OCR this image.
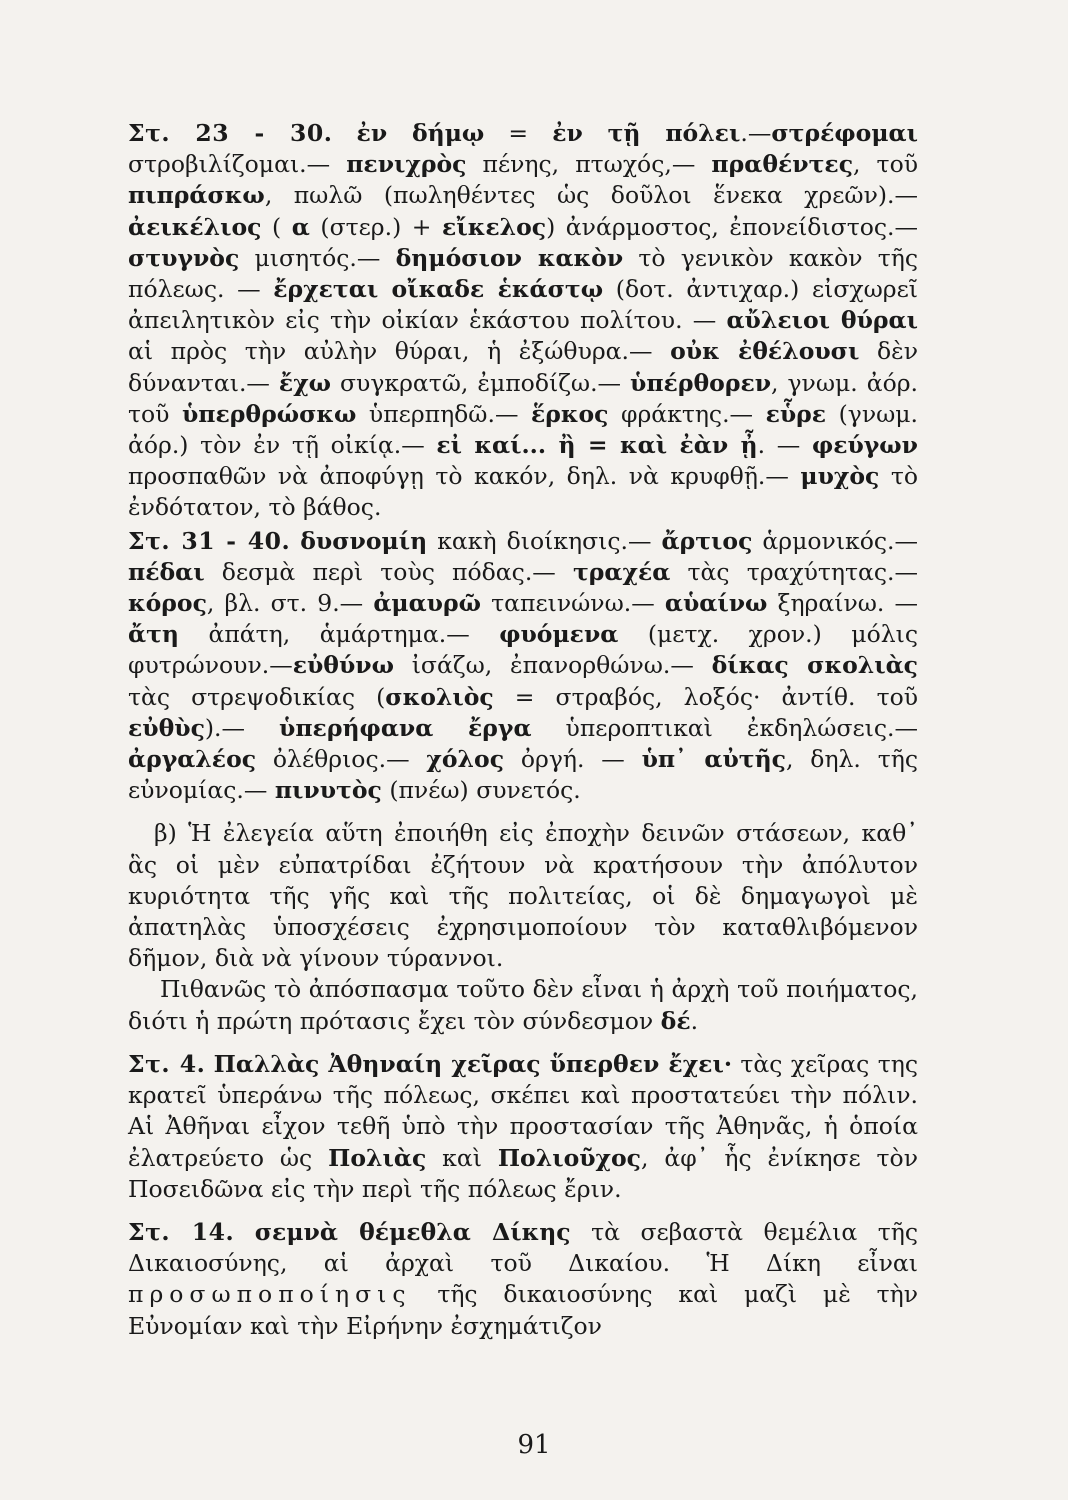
Στ. 23 - 30. ἐν δήμῳ = ἐν τῇ πόλει.—στρέφομαι στροβιλίζομαι.— πενιχρὸς πένης, πτωχός,— πραθέντες, τοῦ πιπράσκω, πωλῶ (πωληθέντες ὡς δοῦλοι ἕνεκα χρεῶν).— ἀεικέλιος ( α (στερ.) + εἴκελος) ἀνάρμοστος, ἐπονείδιστος.— στυγνὸς μισητός.— δημόσιον κακὸν τὸ γενικὸν κακὸν τῆς πόλεως. — ἔρχεται οἴκαδε ἑκάστῳ (δοτ. ἀντιχαρ.) εἰσχωρεῖ ἀπειλητικὸν εἰς τὴν οἰκίαν ἑκάστου πολίτου. — αὔλειοι θύραι αἱ πρὸς τὴν αὐλὴν θύραι, ἡ ἐξώθυρα.— οὐκ ἐθέλουσι δὲν δύνανται.— ἔχω συγκρατῶ, ἐμποδίζω.— ὑπέρθορεν, γνωμ. ἀόρ. τοῦ ὑπερθρώσκω ὑπερπηδῶ.— ἕρκος φράκτης.— εὗρε (γνωμ. ἀόρ.) τὸν ἐν τῇ οἰκίᾳ.— εἰ καί... ἢ = καὶ ἐὰν ᾖ. — φεύγων προσπαθῶν νὰ ἀποφύγῃ τὸ κακόν, δηλ. νὰ κρυφθῇ.— μυχὸς τὸ ἐνδότατον, τὸ βάθος.

Στ. 31 - 40. δυσνομίη κακὴ διοίκησις.— ἄρτιος ἁρμονικός.— πέδαι δεσμὰ περὶ τοὺς πόδας.— τραχέα τὰς τραχύτητας.— κόρος, βλ. στ. 9.— ἀμαυρῶ ταπεινώνω.— αὑαίνω ξηραίνω. — ἄτη ἀπάτη, ἁμάρτημα.— φυόμενα (μετχ. χρον.) μόλις φυτρώνουν.—εὐθύνω ἰσάζω, ἐπανορθώνω.— δίκας σκολιὰς τὰς στρεψοδικίας (σκολιὸς = στραβός, λοξός· ἀντίθ. τοῦ εὐθὺς).— ὑπερήφανα ἔργα ὑπεροπτικαὶ ἐκδηλώσεις.—ἀργαλέος ὀλέθριος.— χόλος ὀργή. — ὑπ᾽ αὐτῆς, δηλ. τῆς εὐνομίας.— πινυτὸς (πνέω) συνετός.

β) Ἡ ἐλεγεία αὕτη ἐποιήθη εἰς ἐποχὴν δεινῶν στάσεων, καθ᾽ ἃς οἱ μὲν εὐπατρίδαι ἐζήτουν νὰ κρατήσουν τὴν ἀπόλυτον κυριότητα τῆς γῆς καὶ τῆς πολιτείας, οἱ δὲ δημαγωγοὶ μὲ ἀπατηλὰς ὑποσχέσεις ἐχρησιμοποίουν τὸν καταθλιβόμενον δῆμον, διὰ νὰ γίνουν τύραννοι.

Πιθανῶς τὸ ἀπόσπασμα τοῦτο δὲν εἶναι ἡ ἀρχὴ τοῦ ποιήματος, διότι ἡ πρώτη πρότασις ἔχει τὸν σύνδεσμον δέ.

Στ. 4. Παλλὰς Ἀθηναίη χεῖρας ὕπερθεν ἔχει· τὰς χεῖρας της κρατεῖ ὑπεράνω τῆς πόλεως, σκέπει καὶ προστατεύει τὴν πόλιν. Αἱ Ἀθῆναι εἶχον τεθῆ ὑπὸ τὴν προστασίαν τῆς Ἀθηνᾶς, ἡ ὁποία ἐλατρεύετο ὡς Πολιὰς καὶ Πολιοῦχος, ἀφ᾽ ἧς ἐνίκησε τὸν Ποσειδῶνα εἰς τὴν περὶ τῆς πόλεως ἔριν.

Στ. 14. σεμνὰ θέμεθλα Δίκης τὰ σεβαστὰ θεμέλια τῆς Δικαιοσύνης, αἱ ἀρχαὶ τοῦ Δικαίου. Ἡ Δίκη εἶναι προσωποποίησις τῆς δικαιοσύνης καὶ μαζὶ μὲ τὴν Εὐνομίαν καὶ τὴν Εἰρήνην ἐσχημάτιζον

91
